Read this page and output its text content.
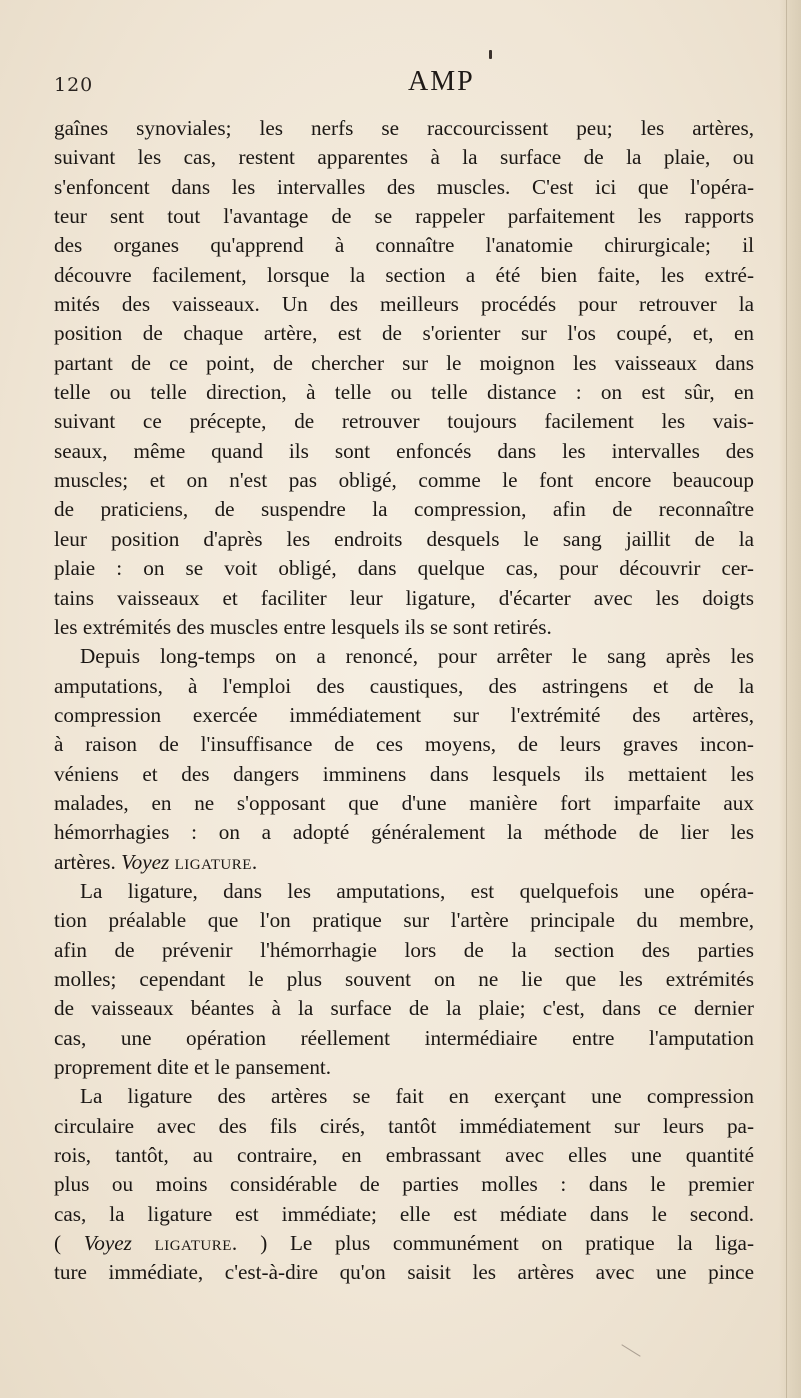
120	AMP
gaînes synoviales; les nerfs se raccourcissent peu; les artères,
suivant les cas, restent apparentes à la surface de la plaie, ou
s'enfoncent dans les intervalles des muscles. C'est ici que l'opéra-
teur sent tout l'avantage de se rappeler parfaitement les rapports
des organes qu'apprend à connaître l'anatomie chirurgicale; il
découvre facilement, lorsque la section a été bien faite, les extré-
mités des vaisseaux. Un des meilleurs procédés pour retrouver la
position de chaque artère, est de s'orienter sur l'os coupé, et, en
partant de ce point, de chercher sur le moignon les vaisseaux dans
telle ou telle direction, à telle ou telle distance : on est sûr, en
suivant ce précepte, de retrouver toujours facilement les vais-
seaux, même quand ils sont enfoncés dans les intervalles des
muscles; et on n'est pas obligé, comme le font encore beaucoup
de praticiens, de suspendre la compression, afin de reconnaître
leur position d'après les endroits desquels le sang jaillit de la
plaie : on se voit obligé, dans quelque cas, pour découvrir cer-
tains vaisseaux et faciliter leur ligature, d'écarter avec les doigts
les extrémités des muscles entre lesquels ils se sont retirés.
Depuis long-temps on a renoncé, pour arrêter le sang après les
amputations, à l'emploi des caustiques, des astringens et de la
compression exercée immédiatement sur l'extrémité des artères,
à raison de l'insuffisance de ces moyens, de leurs graves incon-
véniens et des dangers imminens dans lesquels ils mettaient les
malades, en ne s'opposant que d'une manière fort imparfaite aux
hémorrhagies : on a adopté généralement la méthode de lier les
artères. Voyez ligature.
La ligature, dans les amputations, est quelquefois une opéra-
tion préalable que l'on pratique sur l'artère principale du membre,
afin de prévenir l'hémorrhagie lors de la section des parties
molles; cependant le plus souvent on ne lie que les extrémités
de vaisseaux béantes à la surface de la plaie; c'est, dans ce dernier
cas, une opération réellement intermédiaire entre l'amputation
proprement dite et le pansement.
La ligature des artères se fait en exerçant une compression
circulaire avec des fils cirés, tantôt immédiatement sur leurs pa-
rois, tantôt, au contraire, en embrassant avec elles une quantité
plus ou moins considérable de parties molles : dans le premier
cas, la ligature est immédiate; elle est médiate dans le second.
( Voyez ligature. ) Le plus communément on pratique la liga-
ture immédiate, c'est-à-dire qu'on saisit les artères avec une pince
